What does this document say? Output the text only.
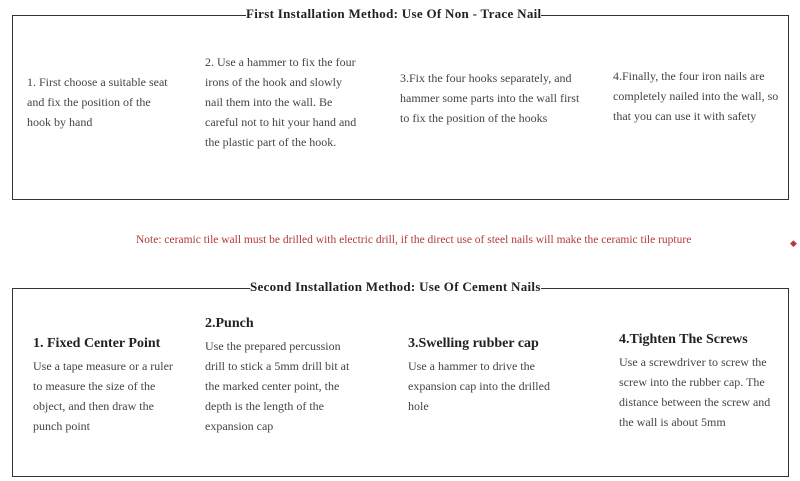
First Installation Method: Use Of Non - Trace Nail
1. First choose a suitable seat and fix the position of the hook by hand
2. Use a hammer to fix the four irons of the hook and slowly nail them into the wall. Be careful not to hit your hand and the plastic part of the hook.
3.Fix the four hooks separately, and hammer some parts into the wall first to fix the position of the hooks
4.Finally, the four iron nails are completely nailed into the wall, so that you can use it with safety
Note: ceramic tile wall must be drilled with electric drill, if the direct use of steel nails will make the ceramic tile rupture	◆
Second Installation Method: Use Of Cement Nails
1. Fixed Center Point
Use a tape measure or a ruler to measure the size of the object, and then draw the punch point
2.Punch
Use the prepared percussion drill to stick a 5mm drill bit at the marked center point, the depth is the length of the expansion cap
3.Swelling rubber cap
Use a hammer to drive the expansion cap into the drilled hole
4.Tighten The Screws
Use a screwdriver to screw the screw into the rubber cap. The distance between the screw and the wall is about 5mm
